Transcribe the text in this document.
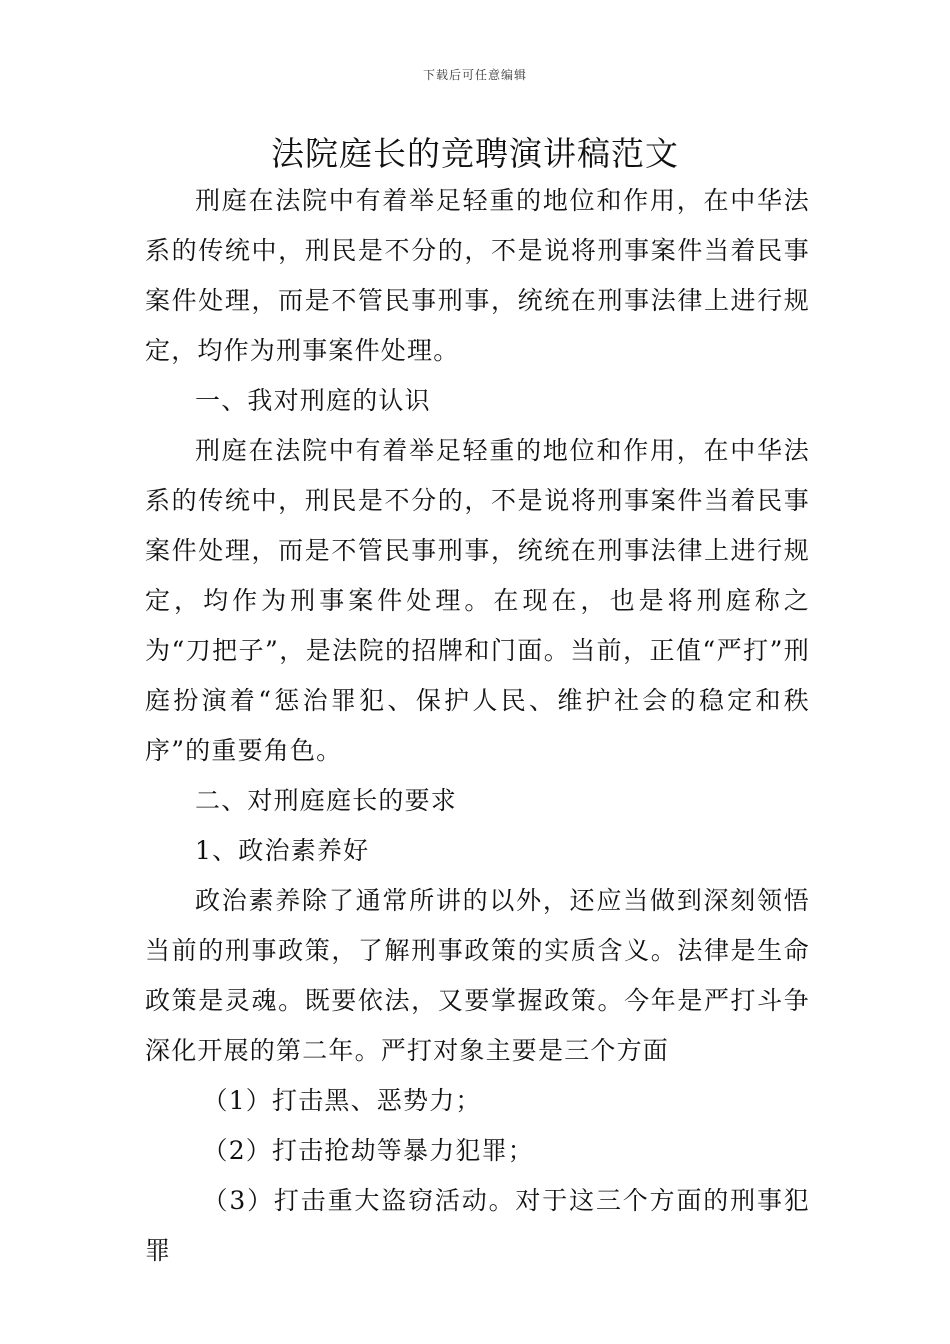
下载后可任意编辑
法院庭长的竞聘演讲稿范文

刑庭在法院中有着举足轻重的地位和作用，在中华法系的传统中，刑民是不分的，不是说将刑事案件当着民事案件处理，而是不管民事刑事，统统在刑事法律上进行规定，均作为刑事案件处理。

一、我对刑庭的认识

刑庭在法院中有着举足轻重的地位和作用，在中华法系的传统中，刑民是不分的，不是说将刑事案件当着民事案件处理，而是不管民事刑事，统统在刑事法律上进行规定，均作为刑事案件处理。在现在，也是将刑庭称之为“刀把子”，是法院的招牌和门面。当前，正值“严打”刑庭扮演着“惩治罪犯、保护人民、维护社会的稳定和秩序”的重要角色。

二、对刑庭庭长的要求

1、政治素养好

政治素养除了通常所讲的以外，还应当做到深刻领悟当前的刑事政策，了解刑事政策的实质含义。法律是生命政策是灵魂。既要依法，又要掌握政策。今年是严打斗争深化开展的第二年。严打对象主要是三个方面

（1）打击黑、恶势力；

（2）打击抢劫等暴力犯罪；

（3）打击重大盗窃活动。对于这三个方面的刑事犯罪
